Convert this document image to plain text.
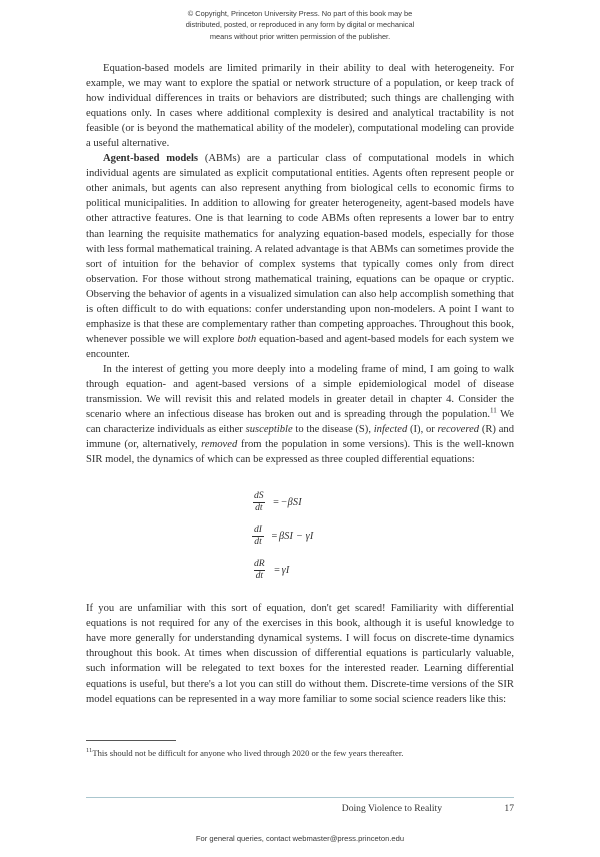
© Copyright, Princeton University Press. No part of this book may be
distributed, posted, or reproduced in any form by digital or mechanical
means without prior written permission of the publisher.

Equation-based models are limited primarily in their ability to deal with heterogeneity. For example, we may want to explore the spatial or network structure of a population, or keep track of how individual differences in traits or behaviors are distributed; such things are challenging with equations only. In cases where additional complexity is desired and analytical tractability is not feasible (or is beyond the mathematical ability of the modeler), computational modeling can provide a useful alternative.

Agent-based models (ABMs) are a particular class of computational models in which individual agents are simulated as explicit computational entities. Agents often represent people or other animals, but agents can also represent anything from biological cells to economic firms to political municipalities. In addition to allowing for greater heterogeneity, agent-based models have other attractive features. One is that learning to code ABMs often represents a lower bar to entry than learning the requisite mathematics for analyzing equation-based models, especially for those with less formal mathematical training. A related advantage is that ABMs can sometimes provide the sort of intuition for the behavior of complex systems that typically comes only from direct observation. For those without strong mathematical training, equations can be opaque or cryptic. Observing the behavior of agents in a visualized simulation can also help accomplish something that is often difficult to do with equations: confer understanding upon non-modelers. A point I want to emphasize is that these are complementary rather than competing approaches. Throughout this book, whenever possible we will explore both equation-based and agent-based models for each system we encounter.

In the interest of getting you more deeply into a modeling frame of mind, I am going to walk through equation- and agent-based versions of a simple epidemiological model of disease transmission. We will revisit this and related models in greater detail in chapter 4. Consider the scenario where an infectious disease has broken out and is spreading through the population.$^{11}$ We can characterize individuals as either susceptible to the disease (S), infected (I), or recovered (R) and immune (or, alternatively, removed from the population in some versions). This is the well-known SIR model, the dynamics of which can be expressed as three coupled differential equations:

$\frac{dS}{dt} = -\beta SI$
$\frac{dI}{dt} = \beta SI - \gamma I$
$\frac{dR}{dt} = \gamma I$

If you are unfamiliar with this sort of equation, don't get scared! Familiarity with differential equations is not required for any of the exercises in this book, although it is useful knowledge to have more generally for understanding dynamical systems. I will focus on discrete-time dynamics throughout this book. At times when discussion of differential equations is particularly valuable, such information will be relegated to text boxes for the interested reader. Learning differential equations is useful, but there's a lot you can still do without them. Discrete-time versions of the SIR model equations can be represented in a way more familiar to some social science readers like this:

$^{11}$This should not be difficult for anyone who lived through 2020 or the few years thereafter.

Doing Violence to Reality	17
For general queries, contact webmaster@press.princeton.edu
